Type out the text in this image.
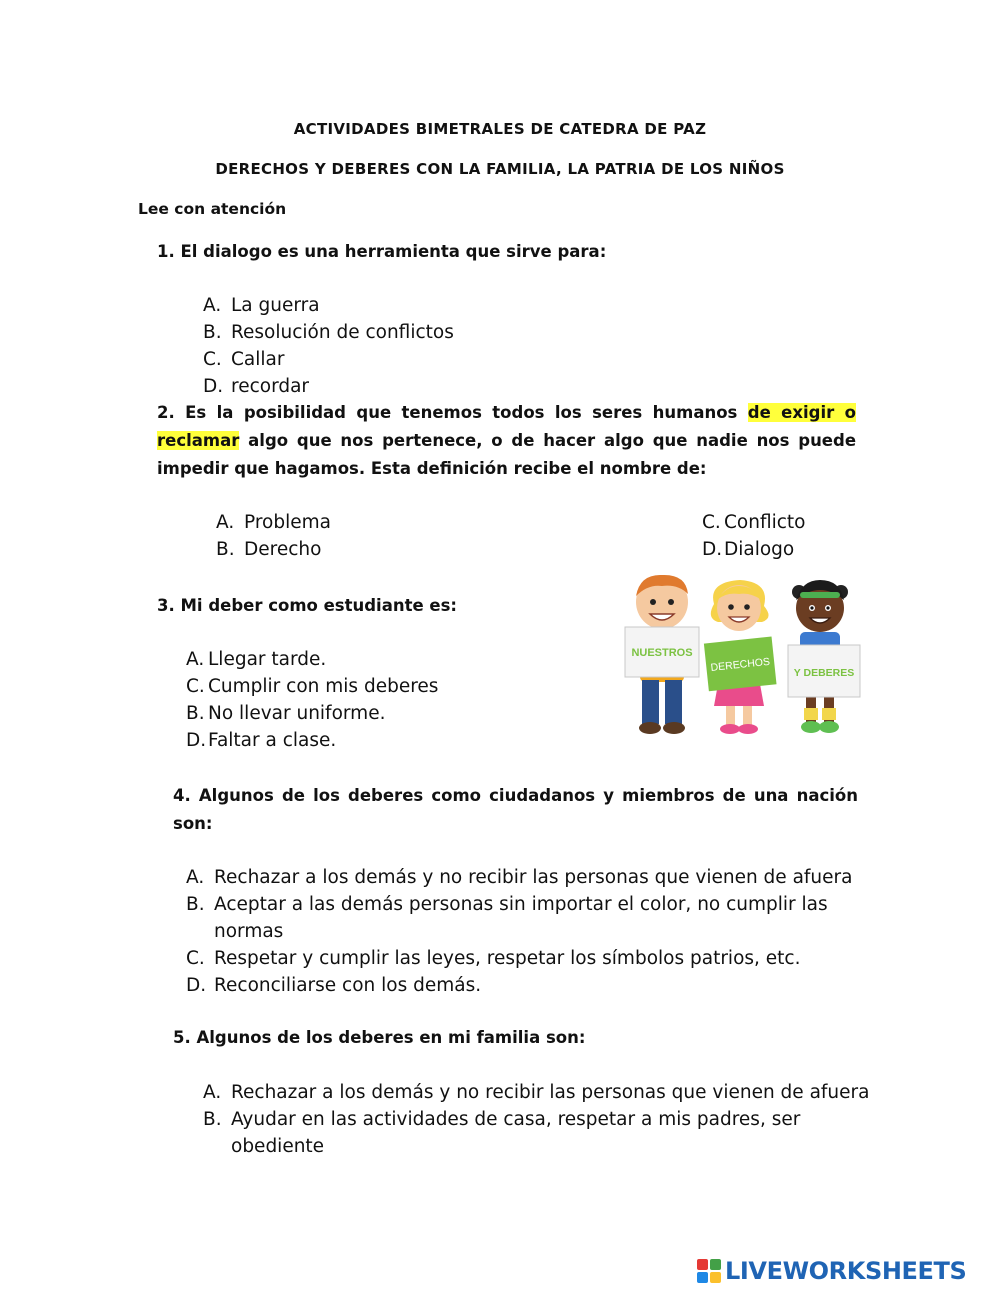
ACTIVIDADES BIMETRALES DE CATEDRA DE PAZ
DERECHOS Y DEBERES CON LA FAMILIA, LA PATRIA DE LOS NIÑOS
Lee con atención
1. El dialogo es una herramienta que sirve para:
A. La guerra
B. Resolución de conflictos
C. Callar
D. recordar
2. Es la posibilidad que tenemos todos los seres humanos de exigir o
reclamar algo que nos pertenece, o de hacer algo que nadie nos puede
impedir que hagamos. Esta definición recibe el nombre de:
A. Problema
B. Derecho
C. Conflicto
D. Dialogo
3. Mi deber como estudiante es:
A. Llegar tarde.
C. Cumplir con mis deberes
B. No llevar uniforme.
D. Faltar a clase.
NUESTROS
DERECHOS Y DEBERES
4. Algunos de los deberes como ciudadanos y miembros de una nación
son:
A. Rechazar a los demás y no recibir las personas que vienen de afuera
B. Aceptar a las demás personas sin importar el color, no cumplir las
normas
C. Respetar y cumplir las leyes, respetar los símbolos patrios, etc.
D. Reconciliarse con los demás.
5. Algunos de los deberes en mi familia son:
A. Rechazar a los demás y no recibir las personas que vienen de afuera
B. Ayudar en las actividades de casa, respetar a mis padres, ser
obediente
LIVEWORKSHEETS
